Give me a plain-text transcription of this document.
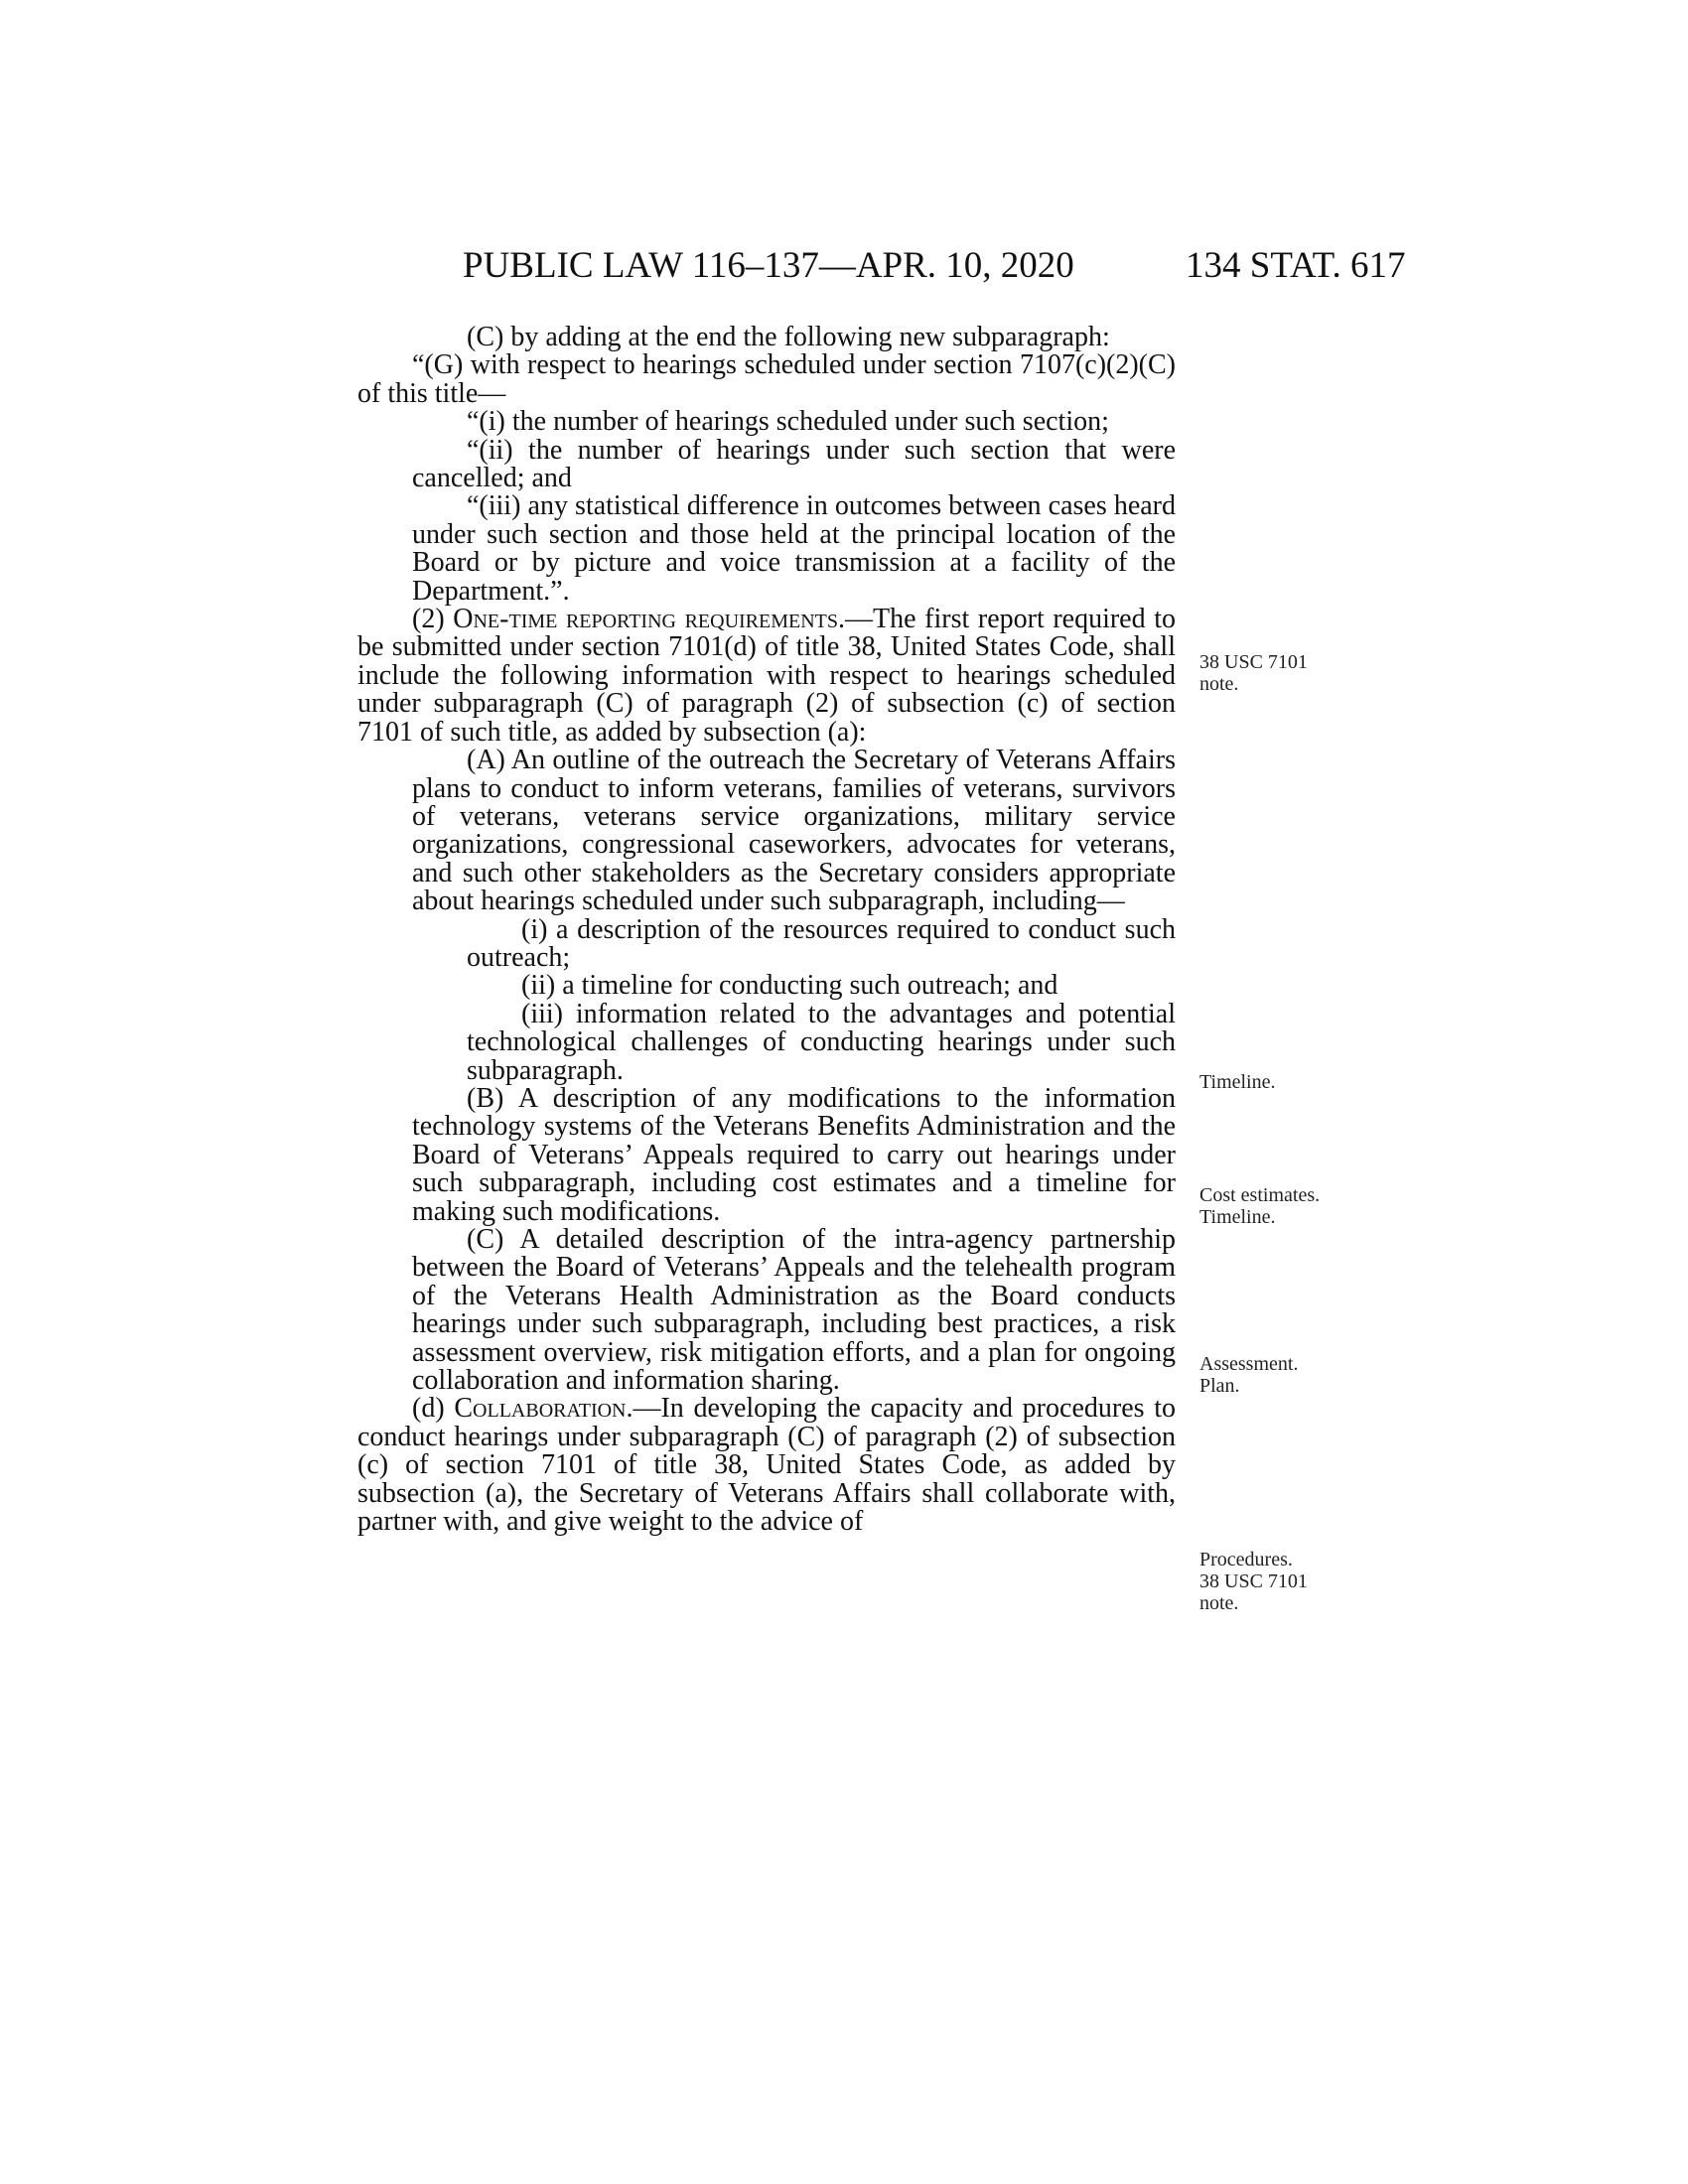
PUBLIC LAW 116–137—APR. 10, 2020	134 STAT. 617

(C) by adding at the end the following new subparagraph:

“(G) with respect to hearings scheduled under section 7107(c)(2)(C) of this title—

“(i) the number of hearings scheduled under such section;

“(ii) the number of hearings under such section that were cancelled; and

“(iii) any statistical difference in outcomes between cases heard under such section and those held at the principal location of the Board or by picture and voice transmission at a facility of the Department.”.

(2) One-time reporting requirements.—The first report required to be submitted under section 7101(d) of title 38, United States Code, shall include the following information with respect to hearings scheduled under subparagraph (C) of paragraph (2) of subsection (c) of section 7101 of such title, as added by subsection (a):

(A) An outline of the outreach the Secretary of Veterans Affairs plans to conduct to inform veterans, families of veterans, survivors of veterans, veterans service organizations, military service organizations, congressional caseworkers, advocates for veterans, and such other stakeholders as the Secretary considers appropriate about hearings scheduled under such subparagraph, including—

(i) a description of the resources required to conduct such outreach;

(ii) a timeline for conducting such outreach; and

(iii) information related to the advantages and potential technological challenges of conducting hearings under such subparagraph.

(B) A description of any modifications to the information technology systems of the Veterans Benefits Administration and the Board of Veterans’ Appeals required to carry out hearings under such subparagraph, including cost estimates and a timeline for making such modifications.

(C) A detailed description of the intra-agency partnership between the Board of Veterans’ Appeals and the telehealth program of the Veterans Health Administration as the Board conducts hearings under such subparagraph, including best practices, a risk assessment overview, risk mitigation efforts, and a plan for ongoing collaboration and information sharing.

(d) Collaboration.—In developing the capacity and procedures to conduct hearings under subparagraph (C) of paragraph (2) of subsection (c) of section 7101 of title 38, United States Code, as added by subsection (a), the Secretary of Veterans Affairs shall collaborate with, partner with, and give weight to the advice of

38 USC 7101
note.
Timeline.
Cost estimates.
Timeline.
Assessment.
Plan.
Procedures.
38 USC 7101
note.
